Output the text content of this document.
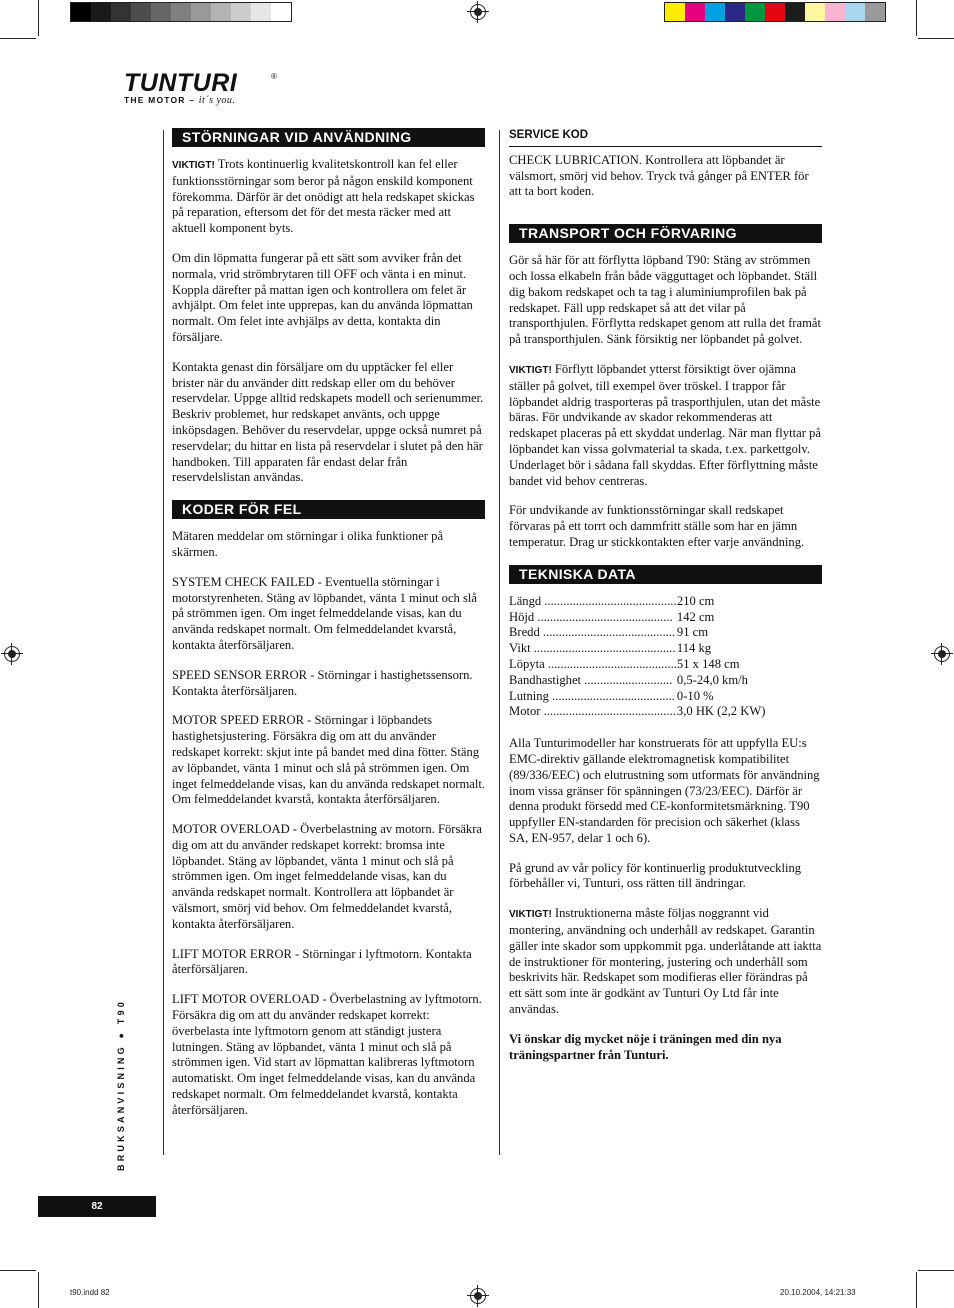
TUNTURI	®
THE MOTOR – it´s you.
STÖRNINGAR VID ANVÄNDNING

VIKTIGT! Trots kontinuerlig kvalitetskontroll kan fel eller funktionsstörningar som beror på någon enskild komponent förekomma. Därför är det onödigt att hela redskapet skickas på reparation, eftersom det för det mesta räcker med att aktuell komponent byts.

Om din löpmatta fungerar på ett sätt som avviker från det normala, vrid strömbrytaren till OFF och vänta i en minut. Koppla därefter på mattan igen och kontrollera om felet är avhjälpt. Om felet inte upprepas, kan du använda löpmattan normalt. Om felet inte avhjälps av detta, kontakta din försäljare.

Kontakta genast din försäljare om du upptäcker fel eller brister när du använder ditt redskap eller om du behöver reservdelar. Uppge alltid redskapets modell och serienummer. Beskriv problemet, hur redskapet använts, och uppge inköpsdagen. Behöver du reservdelar, uppge också numret på reservdelar; du hittar en lista på reservdelar i slutet på den här handboken. Till apparaten får endast delar från reservdelslistan användas.

KODER FÖR FEL

Mätaren meddelar om störningar i olika funktioner på skärmen.

SYSTEM CHECK FAILED - Eventuella störningar i motorstyrenheten. Stäng av löpbandet, vänta 1 minut och slå på strömmen igen. Om inget felmeddelande visas, kan du använda redskapet normalt. Om felmeddelandet kvarstå, kontakta återförsäljaren.

SPEED SENSOR ERROR - Störningar i hastighetssensorn. Kontakta återförsäljaren.

MOTOR SPEED ERROR - Störningar i löpbandets hastighetsjustering. Försäkra dig om att du använder redskapet korrekt: skjut inte på bandet med dina fötter. Stäng av löpbandet, vänta 1 minut och slå på strömmen igen. Om inget felmeddelande visas, kan du använda redskapet normalt. Om felmeddelandet kvarstå, kontakta återförsäljaren.

MOTOR OVERLOAD - Överbelastning av motorn. Försäkra dig om att du använder redskapet korrekt: bromsa inte löpbandet. Stäng av löpbandet, vänta 1 minut och slå på strömmen igen. Om inget felmeddelande visas, kan du använda redskapet normalt. Kontrollera att löpbandet är välsmort, smörj vid behov. Om felmeddelandet kvarstå, kontakta återförsäljaren.

LIFT MOTOR ERROR - Störningar i lyftmotorn. Kontakta återförsäljaren.

LIFT MOTOR OVERLOAD - Överbelastning av lyftmotorn. Försäkra dig om att du använder redskapet korrekt: överbelasta inte lyftmotorn genom att ständigt justera lutningen. Stäng av löpbandet, vänta 1 minut och slå på strömmen igen. Vid start av löpmattan kalibreras lyftmotorn automatiskt. Om inget felmeddelande visas, kan du använda redskapet normalt. Om felmeddelandet kvarstå, kontakta återförsäljaren.

SERVICE KOD

CHECK LUBRICATION. Kontrollera att löpbandet är välsmort, smörj vid behov. Tryck två gånger på ENTER för att ta bort koden.

TRANSPORT OCH FÖRVARING

Gör så här för att förflytta löpband T90: Stäng av strömmen och lossa elkabeln från både vägguttaget och löpbandet. Ställ dig bakom redskapet och ta tag i aluminiumprofilen bak på redskapet. Fäll upp redskapet så att det vilar på transporthjulen. Förflytta redskapet genom att rulla det framåt på transporthjulen. Sänk försiktig ner löpbandet på golvet.

VIKTIGT! Förflytt löpbandet ytterst försiktigt över ojämna ställer på golvet, till exempel över tröskel. I trappor får löpbandet aldrig trasporteras på trasporthjulen, utan det måste bäras. För undvikande av skador rekommenderas att redskapet placeras på ett skyddat underlag. När man flyttar på löpbandet kan vissa golvmaterial ta skada, t.ex. parkettgolv. Underlaget bör i sådana fall skyddas. Efter förflyttning måste bandet vid behov centreras.

För undvikande av funktionsstörningar skall redskapet förvaras på ett torrt och dammfritt ställe som har en jämn temperatur. Drag ur stickkontakten efter varje användning.

TEKNISKA DATA
Längd ..........................................	210 cm
Höjd ...........................................	142 cm
Bredd ..........................................	91 cm
Vikt .............................................	114 kg
Löpyta .........................................	51 x 148 cm
Bandhastighet ............................	0,5-24,0 km/h
Lutning .......................................	0-10 %
Motor ..........................................	3,0 HK (2,2 KW)

Alla Tunturimodeller har konstruerats för att uppfylla EU:s EMC-direktiv gällande elektromagnetisk kompatibilitet (89/336/EEC) och elutrustning som utformats för användning inom vissa gränser för spänningen (73/23/EEC). Därför är denna produkt försedd med CE-konformitetsmärkning. T90 uppfyller EN-standarden för precision och säkerhet (klass SA, EN-957, delar 1 och 6).

På grund av vår policy för kontinuerlig produktutveckling förbehåller vi, Tunturi, oss rätten till ändringar.

VIKTIGT! Instruktionerna måste följas noggrannt vid montering, användning och underhåll av redskapet. Garantin gäller inte skador som uppkommit pga. underlåtande att iaktta de instruktioner för montering, justering och underhåll som beskrivits här. Redskapet som modifieras eller förändras på ett sätt som inte är godkänt av Tunturi Oy Ltd får inte användas.

Vi önskar dig mycket nöje i träningen med din nya träningspartner från Tunturi.

BRUKSANVISNING ● T90
82
t90.indd 82	20.10.2004, 14:21:33
